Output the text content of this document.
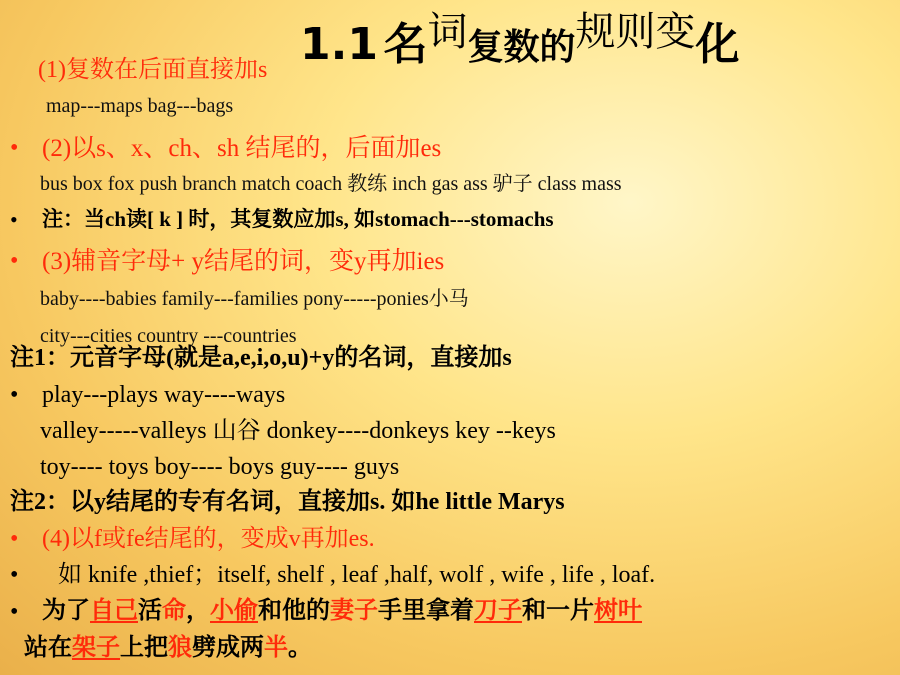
1.1 名词复数的规则变化
(1)复数在后面直接加s
map---maps bag---bags
• (2)以s、x、ch、sh 结尾的，后面加es
bus box fox push branch match coach 教练 inch gas ass 驴子 class mass
• 注：当ch读[ k ] 时，其复数应加s, 如stomach---stomachs
• (3)辅音字母+ y结尾的词，变y再加ies
baby----babies family---families pony-----ponies小马
city---cities country ---countries
注1：元音字母(就是a,e,i,o,u)+y的名词，直接加s
• play---plays way----ways
valley-----valleys 山谷 donkey----donkeys key --keys
toy---- toys boy---- boys guy---- guys
注2：以y结尾的专有名词，直接加s. 如he little Marys
• (4)以f或fe结尾的，变成v再加es.
• 如 knife ,thief；itself, shelf , leaf ,half, wolf , wife , life , loaf.
• 为了自己活命，小偷和他的妻子手里拿着刀子和一片树叶
站在架子上把狼劈成两半。
